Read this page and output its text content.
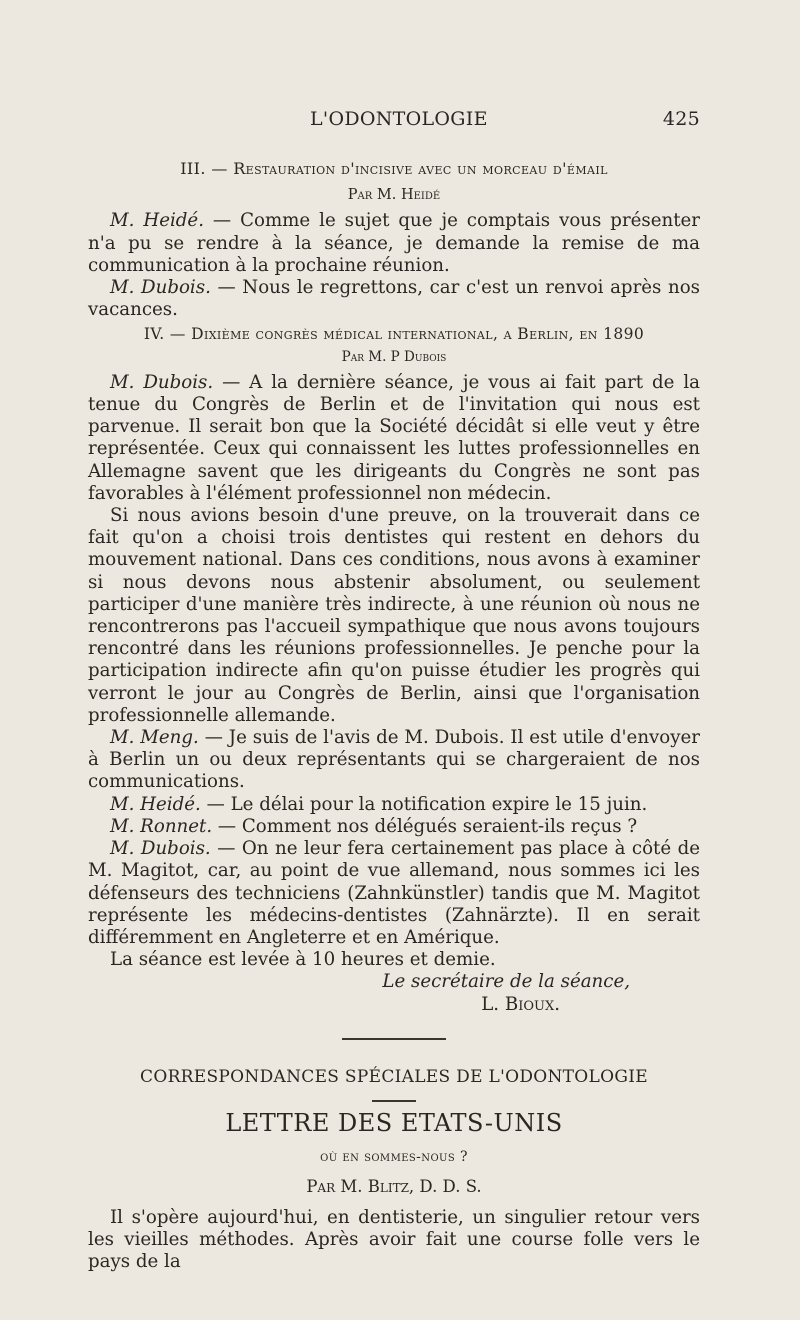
L'ODONTOLOGIE	425
III. — Restauration d'incisive avec un morceau d'émail
Par M. Heidé

M. Heidé. — Comme le sujet que je comptais vous présenter n'a pu se rendre à la séance, je demande la remise de ma communication à la prochaine réunion.

M. Dubois. — Nous le regrettons, car c'est un renvoi après nos vacances.

IV. — Dixième congrès médical international, a Berlin, en 1890
Par M. P Dubois

M. Dubois. — A la dernière séance, je vous ai fait part de la tenue du Congrès de Berlin et de l'invitation qui nous est parvenue. Il serait bon que la Société décidât si elle veut y être représentée. Ceux qui connaissent les luttes professionnelles en Allemagne savent que les dirigeants du Congrès ne sont pas favorables à l'élément professionnel non médecin.

Si nous avions besoin d'une preuve, on la trouverait dans ce fait qu'on a choisi trois dentistes qui restent en dehors du mouvement national. Dans ces conditions, nous avons à examiner si nous devons nous abstenir absolument, ou seulement participer d'une manière très indirecte, à une réunion où nous ne rencontrerons pas l'accueil sympathique que nous avons toujours rencontré dans les réunions professionnelles. Je penche pour la participation indirecte afin qu'on puisse étudier les progrès qui verront le jour au Congrès de Berlin, ainsi que l'organisation professionnelle allemande.

M. Meng. — Je suis de l'avis de M. Dubois. Il est utile d'envoyer à Berlin un ou deux représentants qui se chargeraient de nos communications.

M. Heidé. — Le délai pour la notification expire le 15 juin.

M. Ronnet. — Comment nos délégués seraient-ils reçus ?

M. Dubois. — On ne leur fera certainement pas place à côté de M. Magitot, car, au point de vue allemand, nous sommes ici les défenseurs des techniciens (Zahnkünstler) tandis que M. Magitot représente les médecins-dentistes (Zahnärzte). Il en serait différemment en Angleterre et en Amérique.

La séance est levée à 10 heures et demie.

Le secrétaire de la séance,
L. Bioux.
CORRESPONDANCES SPÉCIALES DE L'ODONTOLOGIE
LETTRE DES ETATS-UNIS
où en sommes-nous ?
Par M. Blitz, D. D. S.

Il s'opère aujourd'hui, en dentisterie, un singulier retour vers les vieilles méthodes. Après avoir fait une course folle vers le pays de la
